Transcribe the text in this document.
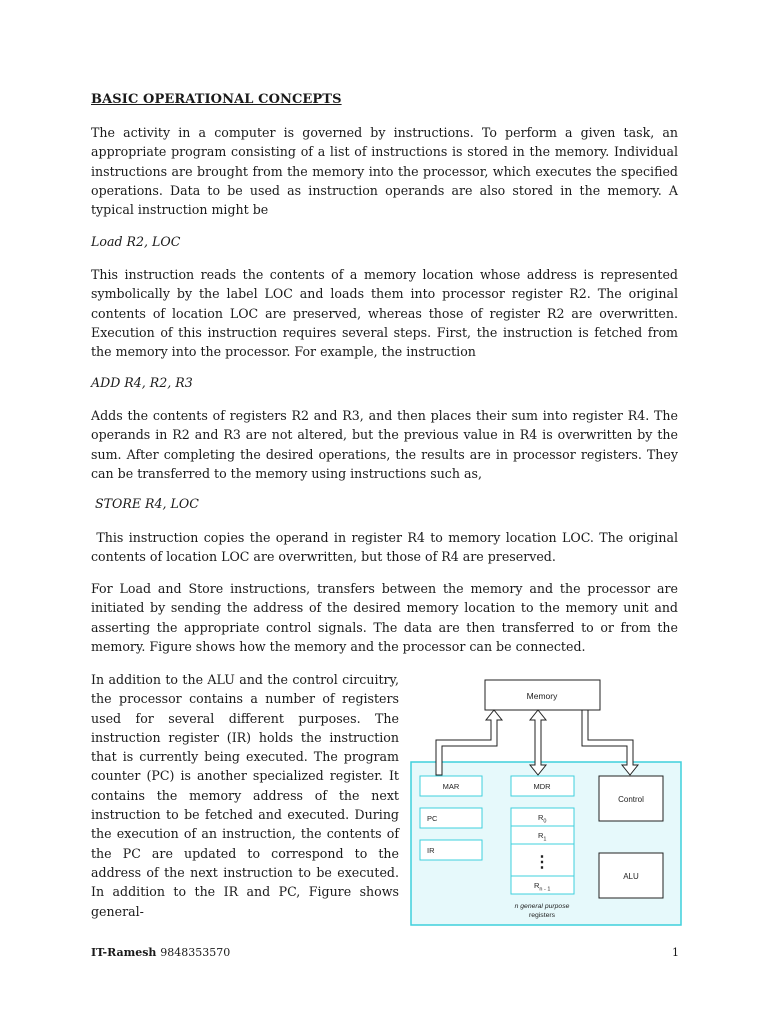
BASIC OPERATIONAL CONCEPTS

The activity in a computer is governed by instructions. To perform a given task, an appropriate program consisting of a list of instructions is stored in the memory. Individual instructions are brought from the memory into the processor, which executes the specified operations. Data to be used as instruction operands are also stored in the memory. A typical instruction might be

Load R2, LOC

This instruction reads the contents of a memory location whose address is represented symbolically by the label LOC and loads them into processor register R2. The original contents of location LOC are preserved, whereas those of register R2 are overwritten. Execution of this instruction requires several steps. First, the instruction is fetched from the memory into the processor. For example, the instruction

ADD R4, R2, R3

Adds the contents of registers R2 and R3, and then places their sum into register R4. The operands in R2 and R3 are not altered, but the previous value in R4 is overwritten by the sum. After completing the desired operations, the results are in processor registers. They can be transferred to the memory using instructions such as,

STORE R4, LOC

This instruction copies the operand in register R4 to memory location LOC. The original contents of location LOC are overwritten, but those of R4 are preserved.

For Load and Store instructions, transfers between the memory and the processor are initiated by sending the address of the desired memory location to the memory unit and asserting the appropriate control signals. The data are then transferred to or from the memory. Figure shows how the memory and the processor can be connected.

In addition to the ALU and the control circuitry, the processor contains a number of registers used for several different purposes. The instruction register (IR) holds the instruction that is currently being executed. The program counter (PC) is another specialized register. It contains the memory address of the next instruction to be fetched and executed. During the execution of an instruction, the contents of the PC are updated to correspond to the address of the next instruction to be executed. In addition to the IR and PC, Figure shows general-

Memory
MAR	MDR
Control
PC
IR
$R_0$
$R_1$
⋮
$R_{n - 1}$
n general purpose
registers
ALU
IT-Ramesh 9848353570	1
